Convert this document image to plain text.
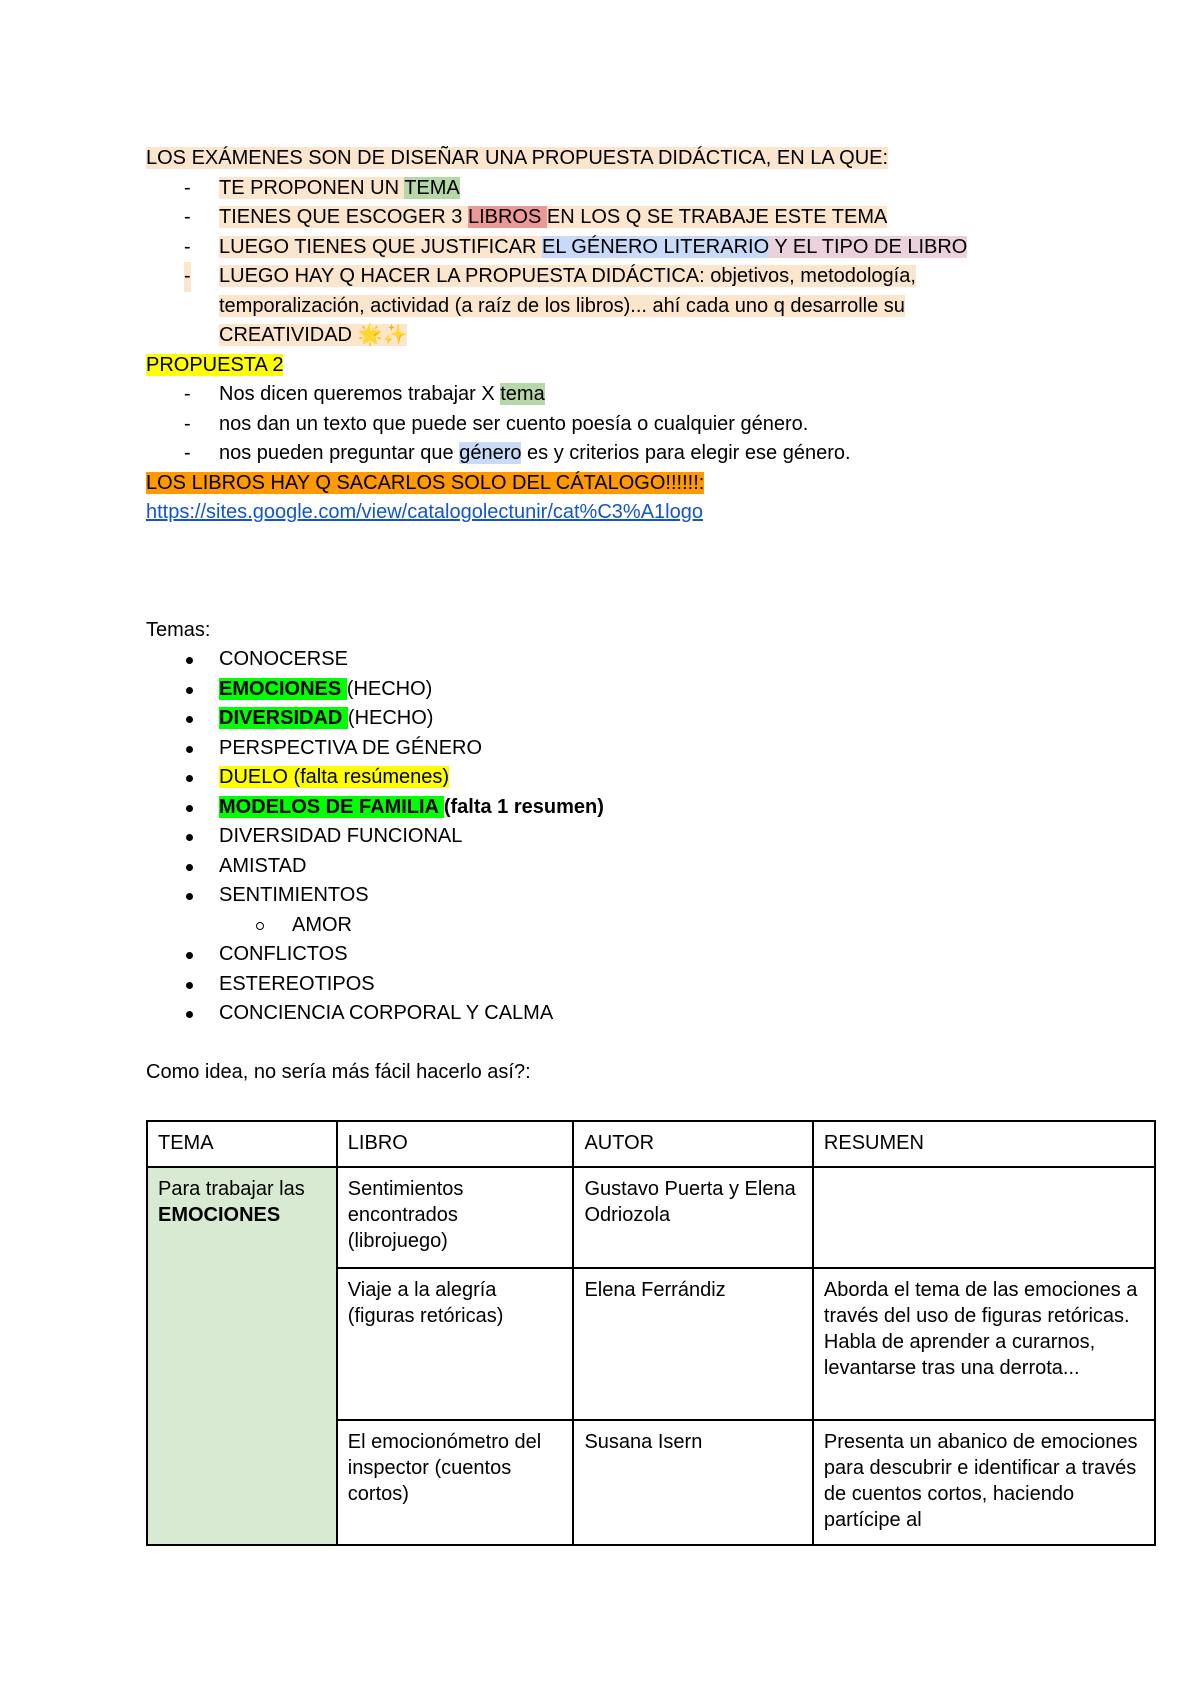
LOS EXÁMENES SON DE DISEÑAR UNA PROPUESTA DIDÁCTICA, EN LA QUE:
- TE PROPONEN UN TEMA
- TIENES QUE ESCOGER 3 LIBROS EN LOS Q SE TRABAJE ESTE TEMA
- LUEGO TIENES QUE JUSTIFICAR EL GÉNERO LITERARIO Y EL TIPO DE LIBRO
- LUEGO HAY Q HACER LA PROPUESTA DIDÁCTICA: objetivos, metodología,
temporalización, actividad (a raíz de los libros)... ahí cada uno q desarrolle su
CREATIVIDAD 🌟✨
PROPUESTA 2
- Nos dicen queremos trabajar X tema
- nos dan un texto que puede ser cuento poesía o cualquier género.
- nos pueden preguntar que género es y criterios para elegir ese género.
LOS LIBROS HAY Q SACARLOS SOLO DEL CÁTALOGO!!!!!!:
https://sites.google.com/view/catalogolectunir/cat%C3%A1logo
Temas:
CONOCERSE
EMOCIONES (HECHO)
DIVERSIDAD (HECHO)
PERSPECTIVA DE GÉNERO
DUELO (falta resúmenes)
MODELOS DE FAMILIA (falta 1 resumen)
DIVERSIDAD FUNCIONAL
AMISTAD
SENTIMIENTOS
AMOR
CONFLICTOS
ESTEREOTIPOS
CONCIENCIA CORPORAL Y CALMA
Como idea, no sería más fácil hacerlo así?:
TEMA	LIBRO	AUTOR	RESUMEN

Para trabajar las
EMOCIONES	Sentimientos encontrados (librojuego)	Gustavo Puerta y Elena Odriozola	
	Viaje a la alegría (figuras retóricas)	Elena Ferrándiz	Aborda el tema de las emociones a través del uso de figuras retóricas. Habla de aprender a curarnos, levantarse tras una derrota...
	El emocionómetro del inspector (cuentos cortos)	Susana Isern	Presenta un abanico de emociones para descubrir e identificar a través de cuentos cortos, haciendo partícipe al
